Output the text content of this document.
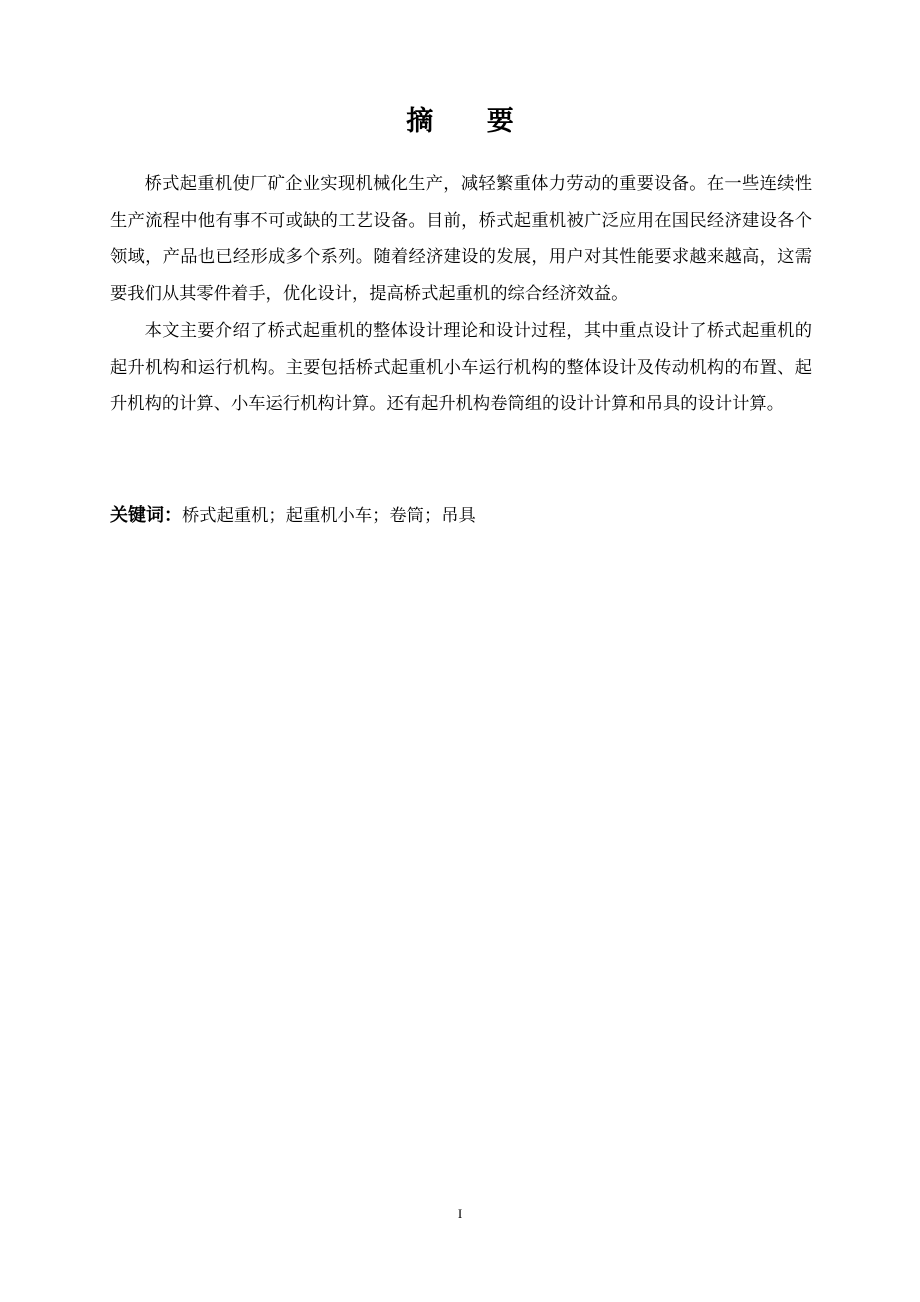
摘 要

桥式起重机使厂矿企业实现机械化生产，减轻繁重体力劳动的重要设备。在一些连续性生产流程中他有事不可或缺的工艺设备。目前，桥式起重机被广泛应用在国民经济建设各个领域，产品也已经形成多个系列。随着经济建设的发展，用户对其性能要求越来越高，这需要我们从其零件着手，优化设计，提高桥式起重机的综合经济效益。

本文主要介绍了桥式起重机的整体设计理论和设计过程，其中重点设计了桥式起重机的起升机构和运行机构。主要包括桥式起重机小车运行机构的整体设计及传动机构的布置、起升机构的计算、小车运行机构计算。还有起升机构卷筒组的设计计算和吊具的设计计算。

关键词：桥式起重机；起重机小车；卷筒；吊具
I
